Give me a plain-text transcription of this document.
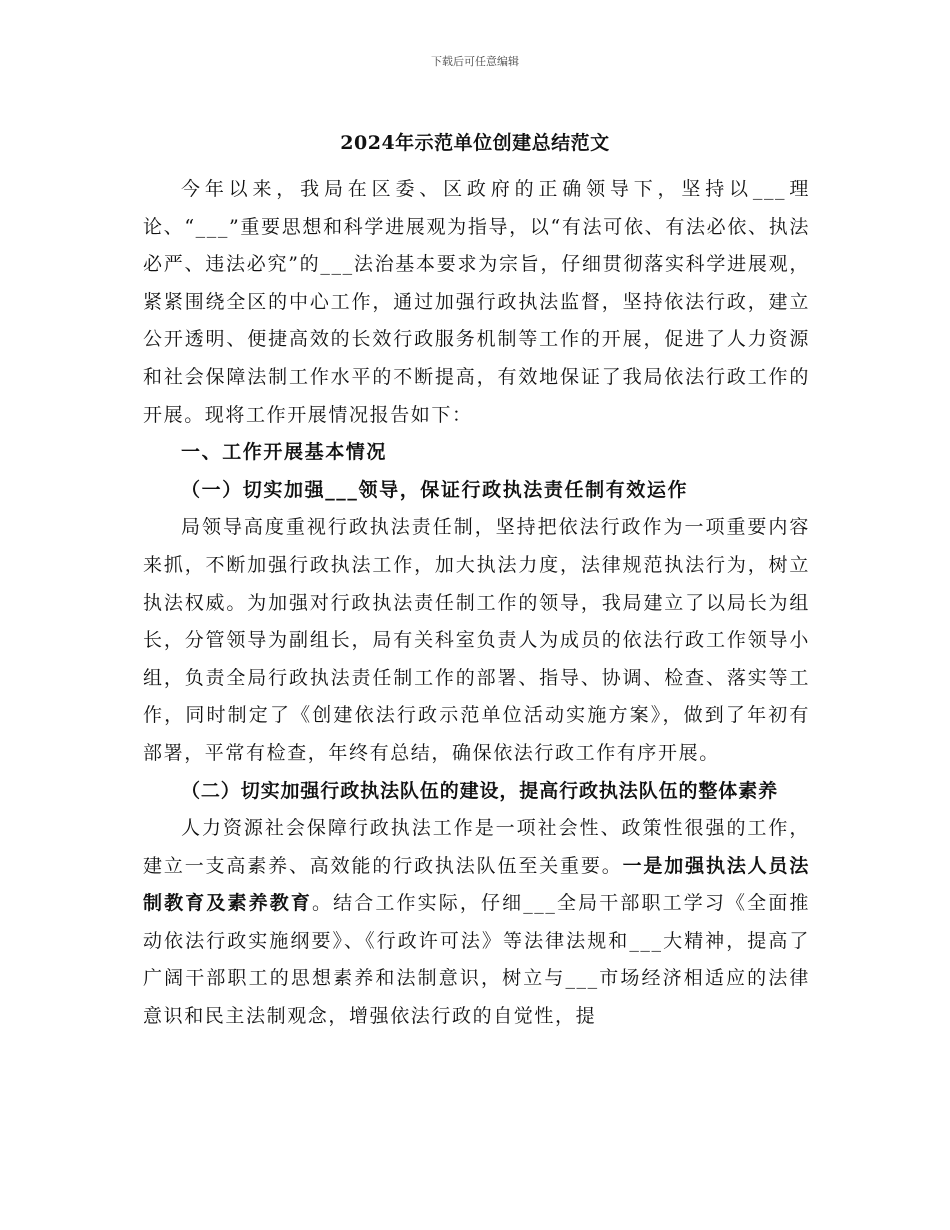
下载后可任意编辑
2024年示范单位创建总结范文

今年以来，我局在区委、区政府的正确领导下，坚持以___理论、“___”重要思想和科学进展观为指导，以“有法可依、有法必依、执法必严、违法必究”的___法治基本要求为宗旨，仔细贯彻落实科学进展观，紧紧围绕全区的中心工作，通过加强行政执法监督，坚持依法行政，建立公开透明、便捷高效的长效行政服务机制等工作的开展，促进了人力资源和社会保障法制工作水平的不断提高，有效地保证了我局依法行政工作的开展。现将工作开展情况报告如下：

一、工作开展基本情况

（一）切实加强___领导，保证行政执法责任制有效运作

局领导高度重视行政执法责任制，坚持把依法行政作为一项重要内容来抓，不断加强行政执法工作，加大执法力度，法律规范执法行为，树立执法权威。为加强对行政执法责任制工作的领导，我局建立了以局长为组长，分管领导为副组长，局有关科室负责人为成员的依法行政工作领导小组，负责全局行政执法责任制工作的部署、指导、协调、检查、落实等工作，同时制定了《创建依法行政示范单位活动实施方案》，做到了年初有部署，平常有检查，年终有总结，确保依法行政工作有序开展。

（二）切实加强行政执法队伍的建设，提高行政执法队伍的整体素养

人力资源社会保障行政执法工作是一项社会性、政策性很强的工作，建立一支高素养、高效能的行政执法队伍至关重要。一是加强执法人员法制教育及素养教育。结合工作实际，仔细___全局干部职工学习《全面推动依法行政实施纲要》、《行政许可法》等法律法规和___大精神，提高了广阔干部职工的思想素养和法制意识，树立与___市场经济相适应的法律意识和民主法制观念，增强依法行政的自觉性，提
